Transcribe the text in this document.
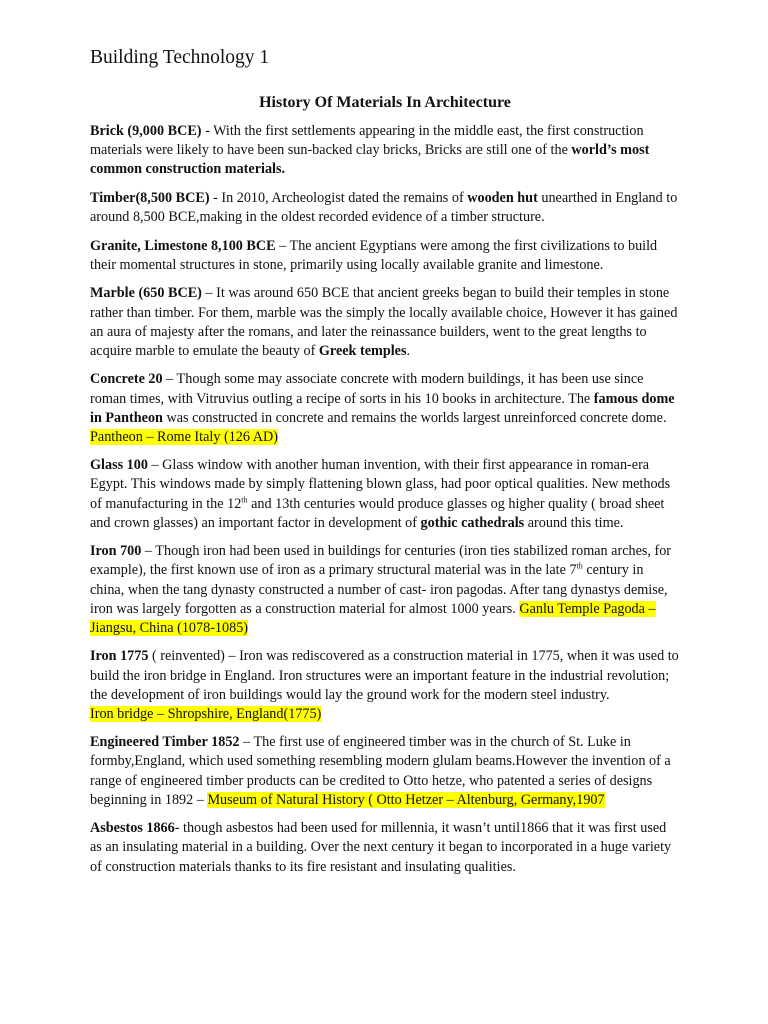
Building Technology 1
History Of Materials In Architecture

Brick (9,000 BCE) - With the first settlements appearing in the middle east, the first construction materials were likely to have been sun-backed clay bricks, Bricks are still one of the world’s most common construction materials.

Timber(8,500 BCE) - In 2010, Archeologist dated the remains of wooden hut unearthed in England to around 8,500 BCE,making in the oldest recorded evidence of a timber structure.

Granite, Limestone 8,100 BCE – The ancient Egyptians were among the first civilizations to build their momental structures in stone, primarily using locally available granite and limestone.

Marble (650 BCE) – It was around 650 BCE that ancient greeks began to build their temples in stone rather than timber. For them, marble was the simply the locally available choice, However it has gained an aura of majesty after the romans, and later the reinassance builders, went to the great lengths to acquire marble to emulate the beauty of Greek temples.

Concrete 20 – Though some may associate concrete with modern buildings, it has been use since roman times, with Vitruvius outling a recipe of sorts in his 10 books in architecture. The famous dome in Pantheon was constructed in concrete and remains the worlds largest unreinforced concrete dome. Pantheon – Rome Italy (126 AD)

Glass 100 – Glass window with another human invention, with their first appearance in roman-era Egypt. This windows made by simply flattening blown glass, had poor optical qualities. New methods of manufacturing in the 12th and 13th centuries would produce glasses og higher quality ( broad sheet and crown glasses) an important factor in development of gothic cathedrals around this time.

Iron 700 – Though iron had been used in buildings for centuries (iron ties stabilized roman arches, for example), the first known use of iron as a primary structural material was in the late 7th century in china, when the tang dynasty constructed a number of cast- iron pagodas. After tang dynastys demise, iron was largely forgotten as a construction material for almost 1000 years. Ganlu Temple Pagoda – Jiangsu, China (1078-1085)

Iron 1775 ( reinvented) – Iron was rediscovered as a construction material in 1775, when it was used to build the iron bridge in England. Iron structures were an important feature in the industrial revolution; the development of iron buildings would lay the ground work for the modern steel industry.Iron bridge – Shropshire, England(1775)

Engineered Timber 1852 – The first use of engineered timber was in the church of St. Luke in formby,England, which used something resembling modern glulam beams.However the invention of a range of engineered timber products can be credited to Otto hetze, who patented a series of designs beginning in 1892 – Museum of Natural History ( Otto Hetzer – Altenburg, Germany,1907

Asbestos 1866- though asbestos had been used for millennia, it wasn’t until1866 that it was first used as an insulating material in a building. Over the next century it began to incorporated in a huge variety of construction materials thanks to its fire resistant and insulating qualities.
